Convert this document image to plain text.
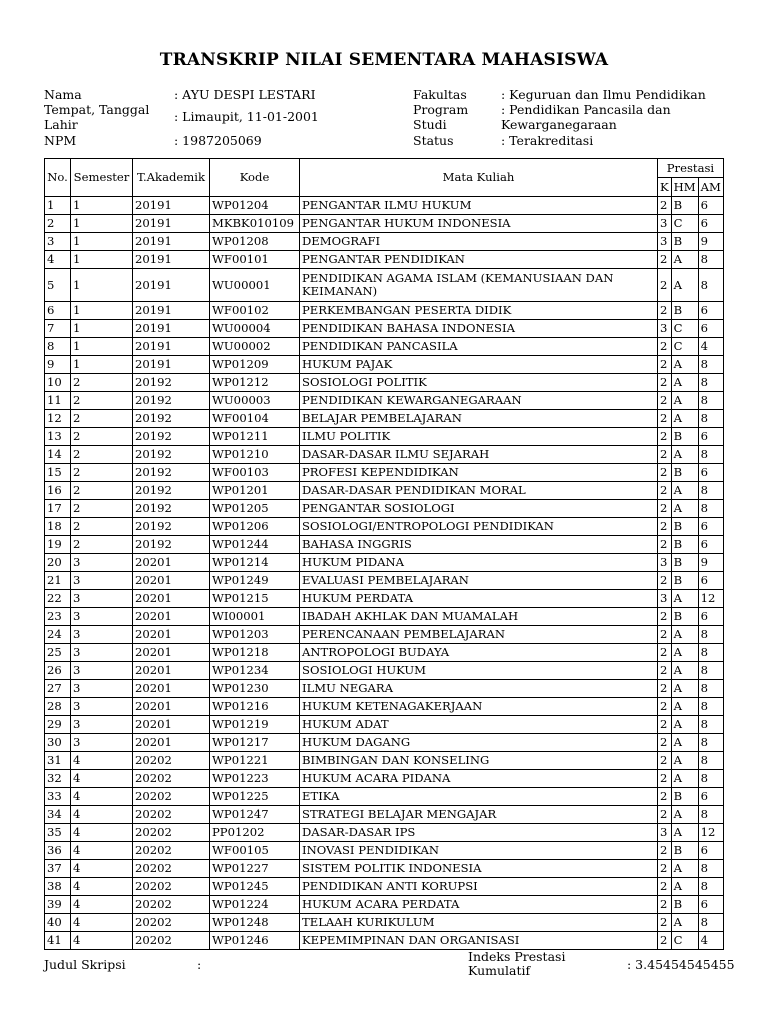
TRANSKRIP NILAI SEMENTARA MAHASISWA
Nama	: AYU DESPI LESTARI
Tempat, Tanggal
Lahir
: Limaupit, 11-01-2001
NPM	: 1987205069
Fakultas	: Keguruan dan Ilmu Pendidikan
Program
Studi
: Pendidikan Pancasila dan
Kewarganegaraan
Status	: Terakreditasi
No.	Semester	T.Akademik	Kode	Mata Kuliah	Prestasi		
					K	HM	AM
1	1	20191	WP01204	PENGANTAR ILMU HUKUM	2	B	6
2	1	20191	MKBK010109	PENGANTAR HUKUM INDONESIA	3	C	6
3	1	20191	WP01208	DEMOGRAFI	3	B	9
4	1	20191	WF00101	PENGANTAR PENDIDIKAN	2	A	8
5	1	20191	WU00001	PENDIDIKAN AGAMA ISLAM (KEMANUSIAAN DAN KEIMANAN)	2	A	8
6	1	20191	WF00102	PERKEMBANGAN PESERTA DIDIK	2	B	6
7	1	20191	WU00004	PENDIDIKAN BAHASA INDONESIA	3	C	6
8	1	20191	WU00002	PENDIDIKAN PANCASILA	2	C	4
9	1	20191	WP01209	HUKUM PAJAK	2	A	8
10	2	20192	WP01212	SOSIOLOGI POLITIK	2	A	8
11	2	20192	WU00003	PENDIDIKAN KEWARGANEGARAAN	2	A	8
12	2	20192	WF00104	BELAJAR PEMBELAJARAN	2	A	8
13	2	20192	WP01211	ILMU POLITIK	2	B	6
14	2	20192	WP01210	DASAR-DASAR ILMU SEJARAH	2	A	8
15	2	20192	WF00103	PROFESI KEPENDIDIKAN	2	B	6
16	2	20192	WP01201	DASAR-DASAR PENDIDIKAN MORAL	2	A	8
17	2	20192	WP01205	PENGANTAR SOSIOLOGI	2	A	8
18	2	20192	WP01206	SOSIOLOGI/ENTROPOLOGI PENDIDIKAN	2	B	6
19	2	20192	WP01244	BAHASA INGGRIS	2	B	6
20	3	20201	WP01214	HUKUM PIDANA	3	B	9
21	3	20201	WP01249	EVALUASI PEMBELAJARAN	2	B	6
22	3	20201	WP01215	HUKUM PERDATA	3	A	12
23	3	20201	WI00001	IBADAH AKHLAK DAN MUAMALAH	2	B	6
24	3	20201	WP01203	PERENCANAAN PEMBELAJARAN	2	A	8
25	3	20201	WP01218	ANTROPOLOGI BUDAYA	2	A	8
26	3	20201	WP01234	SOSIOLOGI HUKUM	2	A	8
27	3	20201	WP01230	ILMU NEGARA	2	A	8
28	3	20201	WP01216	HUKUM KETENAGAKERJAAN	2	A	8
29	3	20201	WP01219	HUKUM ADAT	2	A	8
30	3	20201	WP01217	HUKUM DAGANG	2	A	8
31	4	20202	WP01221	BIMBINGAN DAN KONSELING	2	A	8
32	4	20202	WP01223	HUKUM ACARA PIDANA	2	A	8
33	4	20202	WP01225	ETIKA	2	B	6
34	4	20202	WP01247	STRATEGI BELAJAR MENGAJAR	2	A	8
35	4	20202	PP01202	DASAR-DASAR IPS	3	A	12
36	4	20202	WF00105	INOVASI PENDIDIKAN	2	B	6
37	4	20202	WP01227	SISTEM POLITIK INDONESIA	2	A	8
38	4	20202	WP01245	PENDIDIKAN ANTI KORUPSI	2	A	8
39	4	20202	WP01224	HUKUM ACARA PERDATA	2	B	6
40	4	20202	WP01248	TELAAH KURIKULUM	2	A	8
41	4	20202	WP01246	KEPEMIMPINAN DAN ORGANISASI	2	C	4
Judul Skripsi	:
Indeks Prestasi
Kumulatif	: 3.45454545455
